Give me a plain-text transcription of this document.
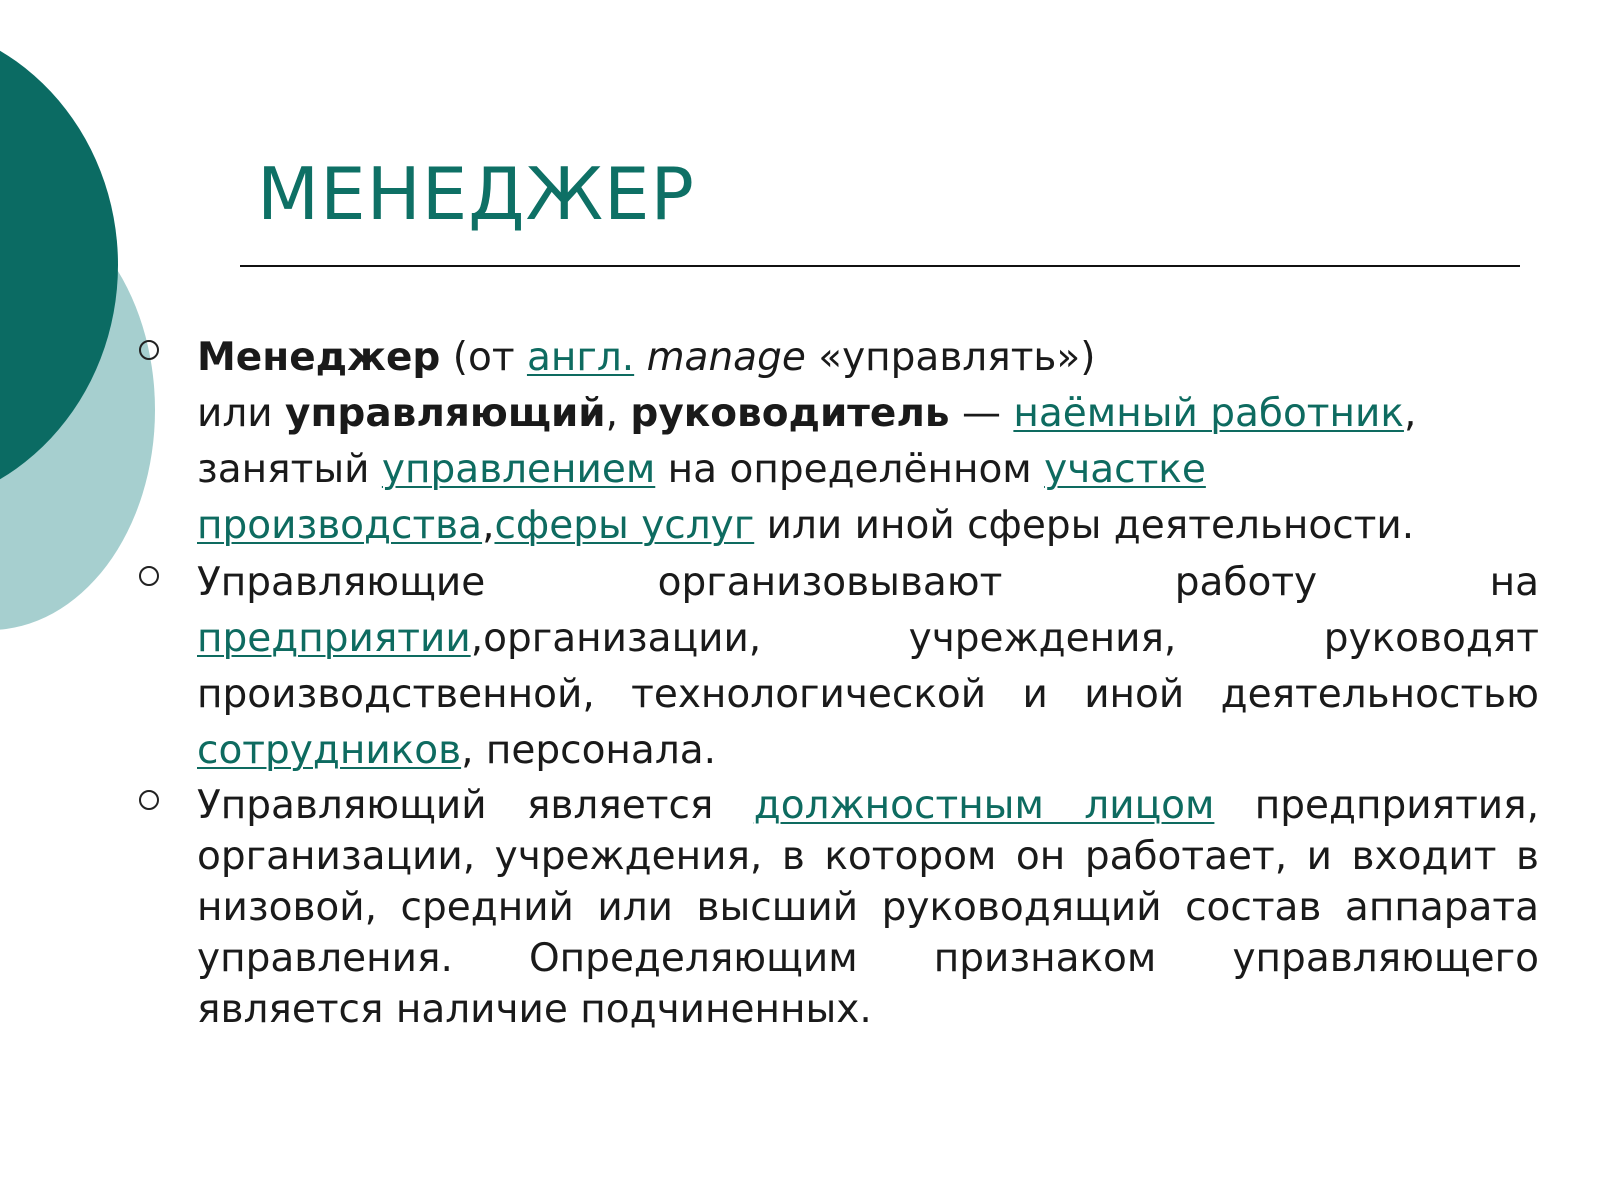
МЕНЕДЖЕР

Менеджер (от англ. manage «управлять»)
или управляющий, руководитель — наёмный работник, занятый управлением на определённом участке производства,сферы услуг или иной сферы деятельности.

Управляющие организовывают работу на предприятии,организации, учреждения, руководят производственной, технологической и иной деятельностью сотрудников, персонала.

Управляющий является должностным лицом предприятия, организации, учреждения, в котором он работает, и входит в низовой, средний или высший руководящий состав аппарата управления. Определяющим признаком управляющего является наличие подчиненных.
